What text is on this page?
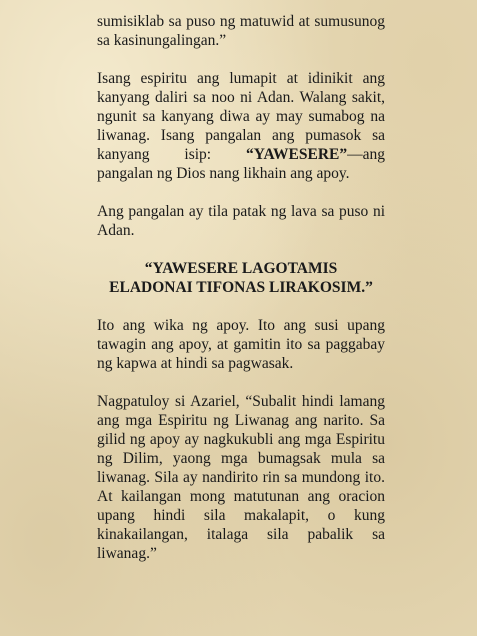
sumisiklab sa puso ng matuwid at sumusunog
sa kasinungalingan.”
Isang espiritu ang lumapit at idinikit ang
kanyang daliri sa noo ni Adan. Walang sakit,
ngunit sa kanyang diwa ay may sumabog na
liwanag. Isang pangalan ang pumasok sa
kanyang isip: “YAWESERE”—ang
pangalan ng Dios nang likhain ang apoy.
Ang pangalan ay tila patak ng lava sa puso ni
Adan.
“YAWESERE LAGOTAMIS
ELADONAI TIFONAS LIRAKOSIM.”
Ito ang wika ng apoy. Ito ang susi upang
tawagin ang apoy, at gamitin ito sa paggabay
ng kapwa at hindi sa pagwasak.
Nagpatuloy si Azariel, “Subalit hindi lamang
ang mga Espiritu ng Liwanag ang narito. Sa
gilid ng apoy ay nagkukubli ang mga Espiritu
ng Dilim, yaong mga bumagsak mula sa
liwanag. Sila ay nandirito rin sa mundong ito.
At kailangan mong matutunan ang oracion
upang hindi sila makalapit, o kung
kinakailangan, italaga sila pabalik sa
liwanag.”
